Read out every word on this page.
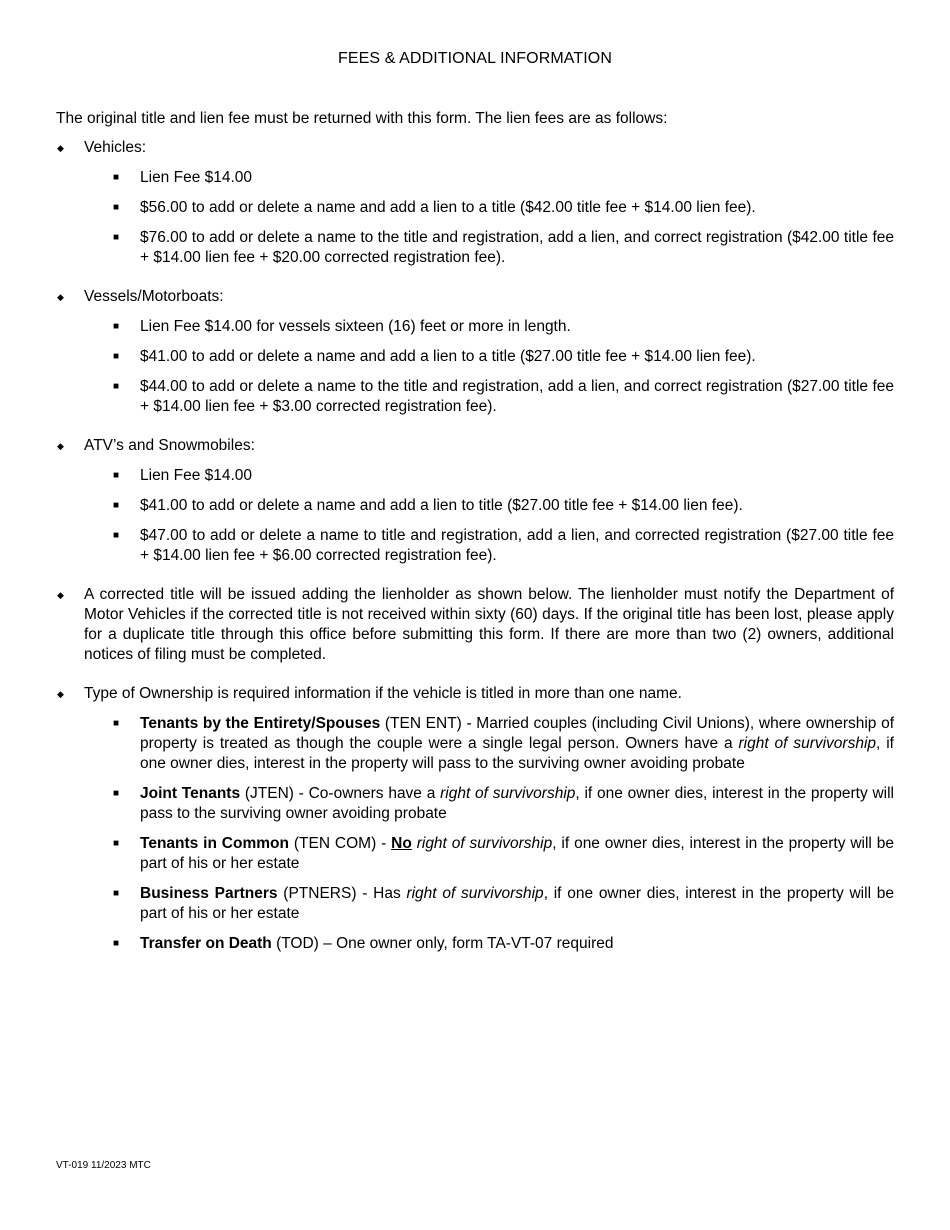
FEES & ADDITIONAL INFORMATION
The original title and lien fee must be returned with this form. The lien fees are as follows:
◆ Vehicles:
■ Lien Fee $14.00
■ $56.00 to add or delete a name and add a lien to a title ($42.00 title fee + $14.00 lien fee).
■ $76.00 to add or delete a name to the title and registration, add a lien, and correct registration ($42.00 title fee + $14.00 lien fee + $20.00 corrected registration fee).
◆ Vessels/Motorboats:
■ Lien Fee $14.00 for vessels sixteen (16) feet or more in length.
■ $41.00 to add or delete a name and add a lien to a title ($27.00 title fee + $14.00 lien fee).
■ $44.00 to add or delete a name to the title and registration, add a lien, and correct registration ($27.00 title fee + $14.00 lien fee + $3.00 corrected registration fee).
◆ ATV’s and Snowmobiles:
■ Lien Fee $14.00
■ $41.00 to add or delete a name and add a lien to title ($27.00 title fee + $14.00 lien fee).
■ $47.00 to add or delete a name to title and registration, add a lien, and corrected registration ($27.00 title fee + $14.00 lien fee + $6.00 corrected registration fee).
◆ A corrected title will be issued adding the lienholder as shown below. The lienholder must notify the Department of Motor Vehicles if the corrected title is not received within sixty (60) days. If the original title has been lost, please apply for a duplicate title through this office before submitting this form. If there are more than two (2) owners, additional notices of filing must be completed.
◆ Type of Ownership is required information if the vehicle is titled in more than one name.
■ Tenants by the Entirety/Spouses (TEN ENT) - Married couples (including Civil Unions), where ownership of property is treated as though the couple were a single legal person. Owners have a right of survivorship, if one owner dies, interest in the property will pass to the surviving owner avoiding probate
■ Joint Tenants (JTEN) - Co-owners have a right of survivorship, if one owner dies, interest in the property will pass to the surviving owner avoiding probate
■ Tenants in Common (TEN COM) - No right of survivorship, if one owner dies, interest in the property will be part of his or her estate
■ Business Partners (PTNERS) - Has right of survivorship, if one owner dies, interest in the property will be part of his or her estate
■ Transfer on Death (TOD) – One owner only, form TA-VT-07 required
VT-019 11/2023 MTC
